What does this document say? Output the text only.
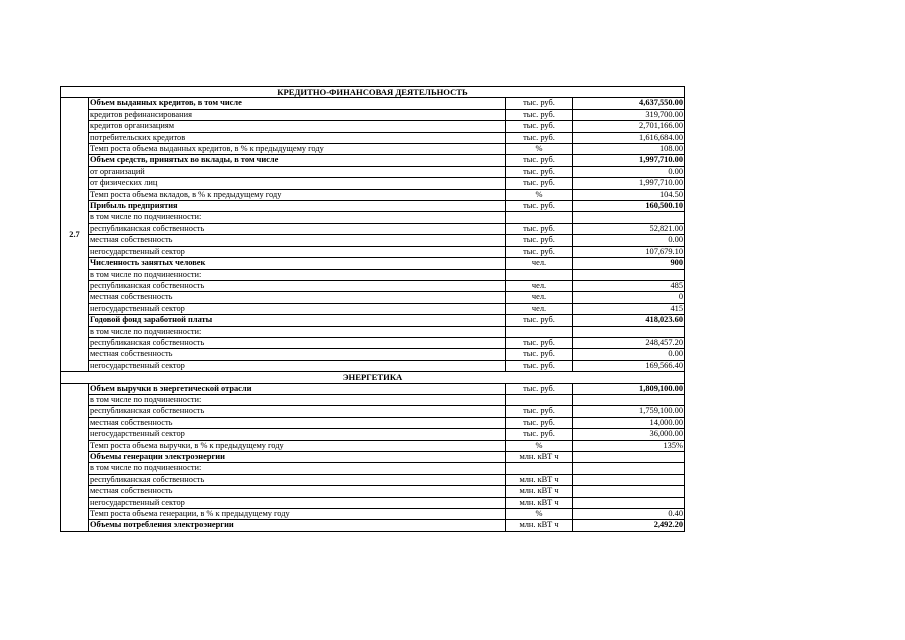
КРЕДИТНО-ФИНАНСОВАЯ ДЕЯТЕЛЬНОСТЬ			
2.7	Объем выданных кредитов, в том числе	тыс. руб.	4,637,550.00
	кредитов рефинансирования	тыс. руб.	319,700.00
	кредитов организациям	тыс. руб.	2,701,166.00
	потребительских кредитов	тыс. руб.	1,616,684.00
	Темп роста объема выданных кредитов, в % к предыдущему году	%	108.00
	Объем средств, принятых во вклады, в том числе	тыс. руб.	1,997,710.00
	от организаций	тыс. руб.	0.00
	от физических лиц	тыс. руб.	1,997,710.00
	Темп роста объема вкладов, в % к предыдущему году	%	104.50
	Прибыль предприятия	тыс. руб.	160,500.10
	в том числе по подчиненности:		
	республиканская собственность	тыс. руб.	52,821.00
	местная собственность	тыс. руб.	0.00
	негосударственный сектор	тыс. руб.	107,679.10
	Численность занятых человек	чел.	900
	в том числе по подчиненности:		
	республиканская собственность	чел.	485
	местная собственность	чел.	0
	негосударственный сектор	чел.	415
	Годовой фонд заработной платы	тыс. руб.	418,023.60
	в том числе по подчиненности:		
	республиканская собственность	тыс. руб.	248,457.20
	местная собственность	тыс. руб.	0.00
	негосударственный сектор	тыс. руб.	169,566.40
ЭНЕРГЕТИКА			
	Объем выручки в энергетической отрасли	тыс. руб.	1,809,100.00
	в том числе по подчиненности:		
	республиканская собственность	тыс. руб.	1,759,100.00
	местная собственность	тыс. руб.	14,000.00
	негосударственный сектор	тыс. руб.	36,000.00
	Темп роста объема выручки, в % к предыдущему году	%	135%
	Объемы генерации электроэнергии	млн. кВТ ч	
	в том числе по подчиненности:		
	республиканская собственность	млн. кВТ ч	
	местная собственность	млн. кВТ ч	
	негосударственный сектор	млн. кВТ ч	
	Темп роста объема генерации, в % к предыдущему году	%	0.40
	Объемы потребления электроэнергии	млн. кВТ ч	2,492.20
